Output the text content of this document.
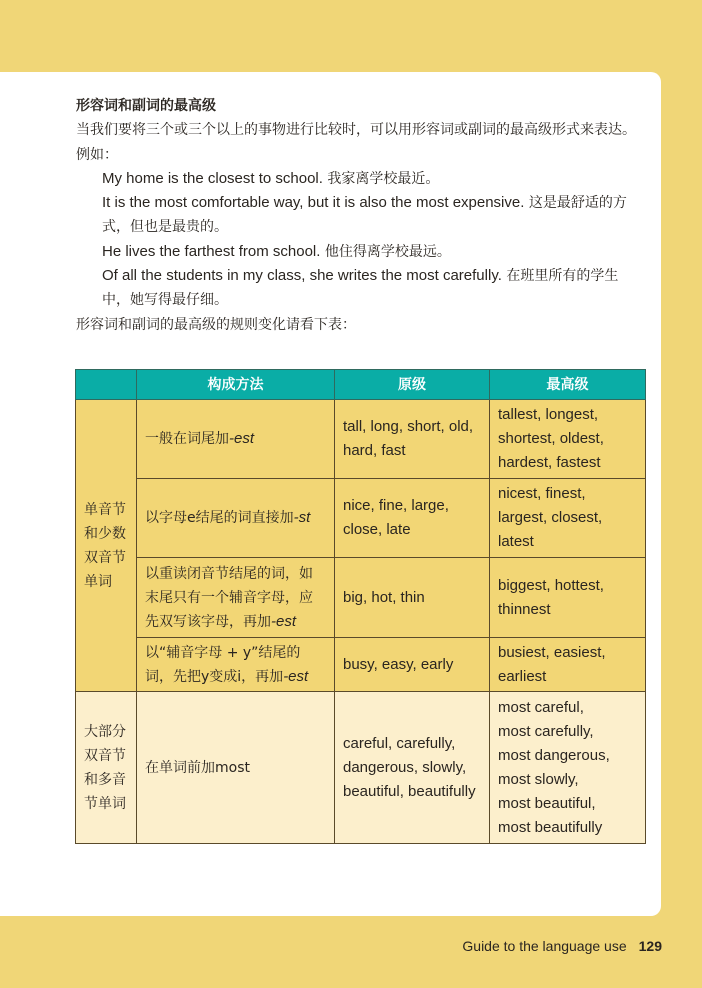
形容词和副词的最高级

当我们要将三个或三个以上的事物进行比较时，可以用形容词或副词的最高级形式来表达。例如：

My home is the closest to school. 我家离学校最近。

It is the most comfortable way, but it is also the most expensive. 这是最舒适的方式，但也是最贵的。

He lives the farthest from school. 他住得离学校最远。

Of all the students in my class, she writes the most carefully. 在班里所有的学生中，她写得最仔细。

形容词和副词的最高级的规则变化请看下表：

	构成方法	原级	最高级
单音节和少数双音节单词	一般在词尾加-est	tall, long, short, old, hard, fast	tallest, longest,
shortest, oldest,
hardest, fastest

	以字母e结尾的词直接加-st	nice, fine, large, close, late	nicest, finest,
largest, closest,
latest

	以重读闭音节结尾的词，如末尾只有一个辅音字母，应先双写该字母，再加-est	big, hot, thin	biggest, hottest,
thinnest

	以“辅音字母 + y”结尾的词，先把y变成i，再加-est	busy, easy, early	busiest, easiest,
earliest

大部分双音节和多音节单词	在单词前加most	careful, carefully, dangerous, slowly, beautiful, beautifully	
most careful,
most carefully,
most dangerous,
most slowly,
most beautiful,
most beautifully
Guide to the language use 129
